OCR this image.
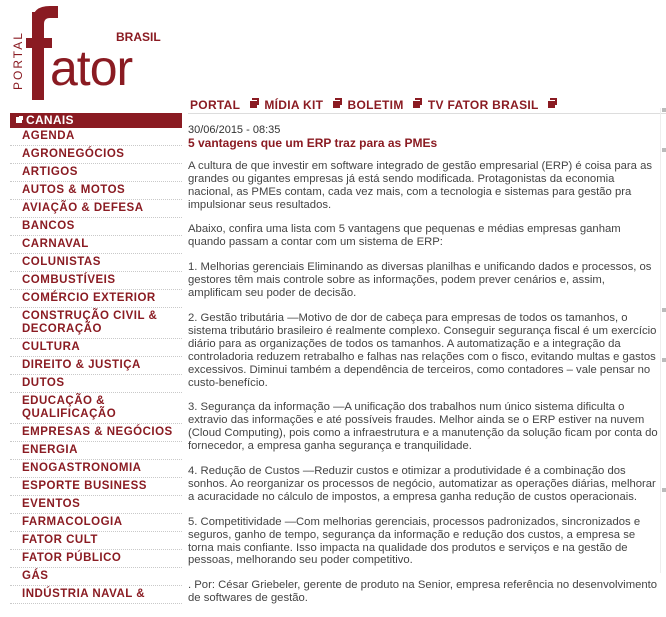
PORTAL ator
BRASIL
PORTAL MÍDIA KIT BOLETIM TV FATOR BRASIL
CANAIS
AGENDA
AGRONEGÓCIOS
ARTIGOS
AUTOS & MOTOS
AVIAÇÃO & DEFESA
BANCOS
CARNAVAL
COLUNISTAS
COMBUSTÍVEIS
COMÉRCIO EXTERIOR
CONSTRUÇÃO CIVIL & DECORAÇÃO
CULTURA
DIREITO & JUSTIÇA
DUTOS
EDUCAÇÃO & QUALIFICAÇÃO
EMPRESAS & NEGÓCIOS
ENERGIA
ENOGASTRONOMIA
ESPORTE BUSINESS
EVENTOS
FARMACOLOGIA
FATOR CULT
FATOR PÚBLICO
GÁS
INDÚSTRIA NAVAL &
30/06/2015 - 08:35
5 vantagens que um ERP traz para as PMEs

A cultura de que investir em software integrado de gestão empresarial (ERP) é coisa para as grandes ou gigantes empresas já está sendo modificada. Protagonistas da economia nacional, as PMEs contam, cada vez mais, com a tecnologia e sistemas para gestão pra impulsionar seus resultados.

Abaixo, confira uma lista com 5 vantagens que pequenas e médias empresas ganham quando passam a contar com um sistema de ERP:

1. Melhorias gerenciais Eliminando as diversas planilhas e unificando dados e processos, os gestores têm mais controle sobre as informações, podem prever cenários e, assim, amplificam seu poder de decisão.

2. Gestão tributária —Motivo de dor de cabeça para empresas de todos os tamanhos, o sistema tributário brasileiro é realmente complexo. Conseguir segurança fiscal é um exercício diário para as organizações de todos os tamanhos. A automatização e a integração da controladoria reduzem retrabalho e falhas nas relações com o fisco, evitando multas e gastos excessivos. Diminui também a dependência de terceiros, como contadores – vale pensar no custo-benefício.

3. Segurança da informação —A unificação dos trabalhos num único sistema dificulta o extravio das informações e até possíveis fraudes. Melhor ainda se o ERP estiver na nuvem (Cloud Computing), pois como a infraestrutura e a manutenção da solução ficam por conta do fornecedor, a empresa ganha segurança e tranquilidade.

4. Redução de Custos —Reduzir custos e otimizar a produtividade é a combinação dos sonhos. Ao reorganizar os processos de negócio, automatizar as operações diárias, melhorar a acuracidade no cálculo de impostos, a empresa ganha redução de custos operacionais.

5. Competitividade —Com melhorias gerenciais, processos padronizados, sincronizados e seguros, ganho de tempo, segurança da informação e redução dos custos, a empresa se torna mais confiante. Isso impacta na qualidade dos produtos e serviços e na gestão de pessoas, melhorando seu poder competitivo.

. Por: César Griebeler, gerente de produto na Senior, empresa referência no desenvolvimento de softwares de gestão.
